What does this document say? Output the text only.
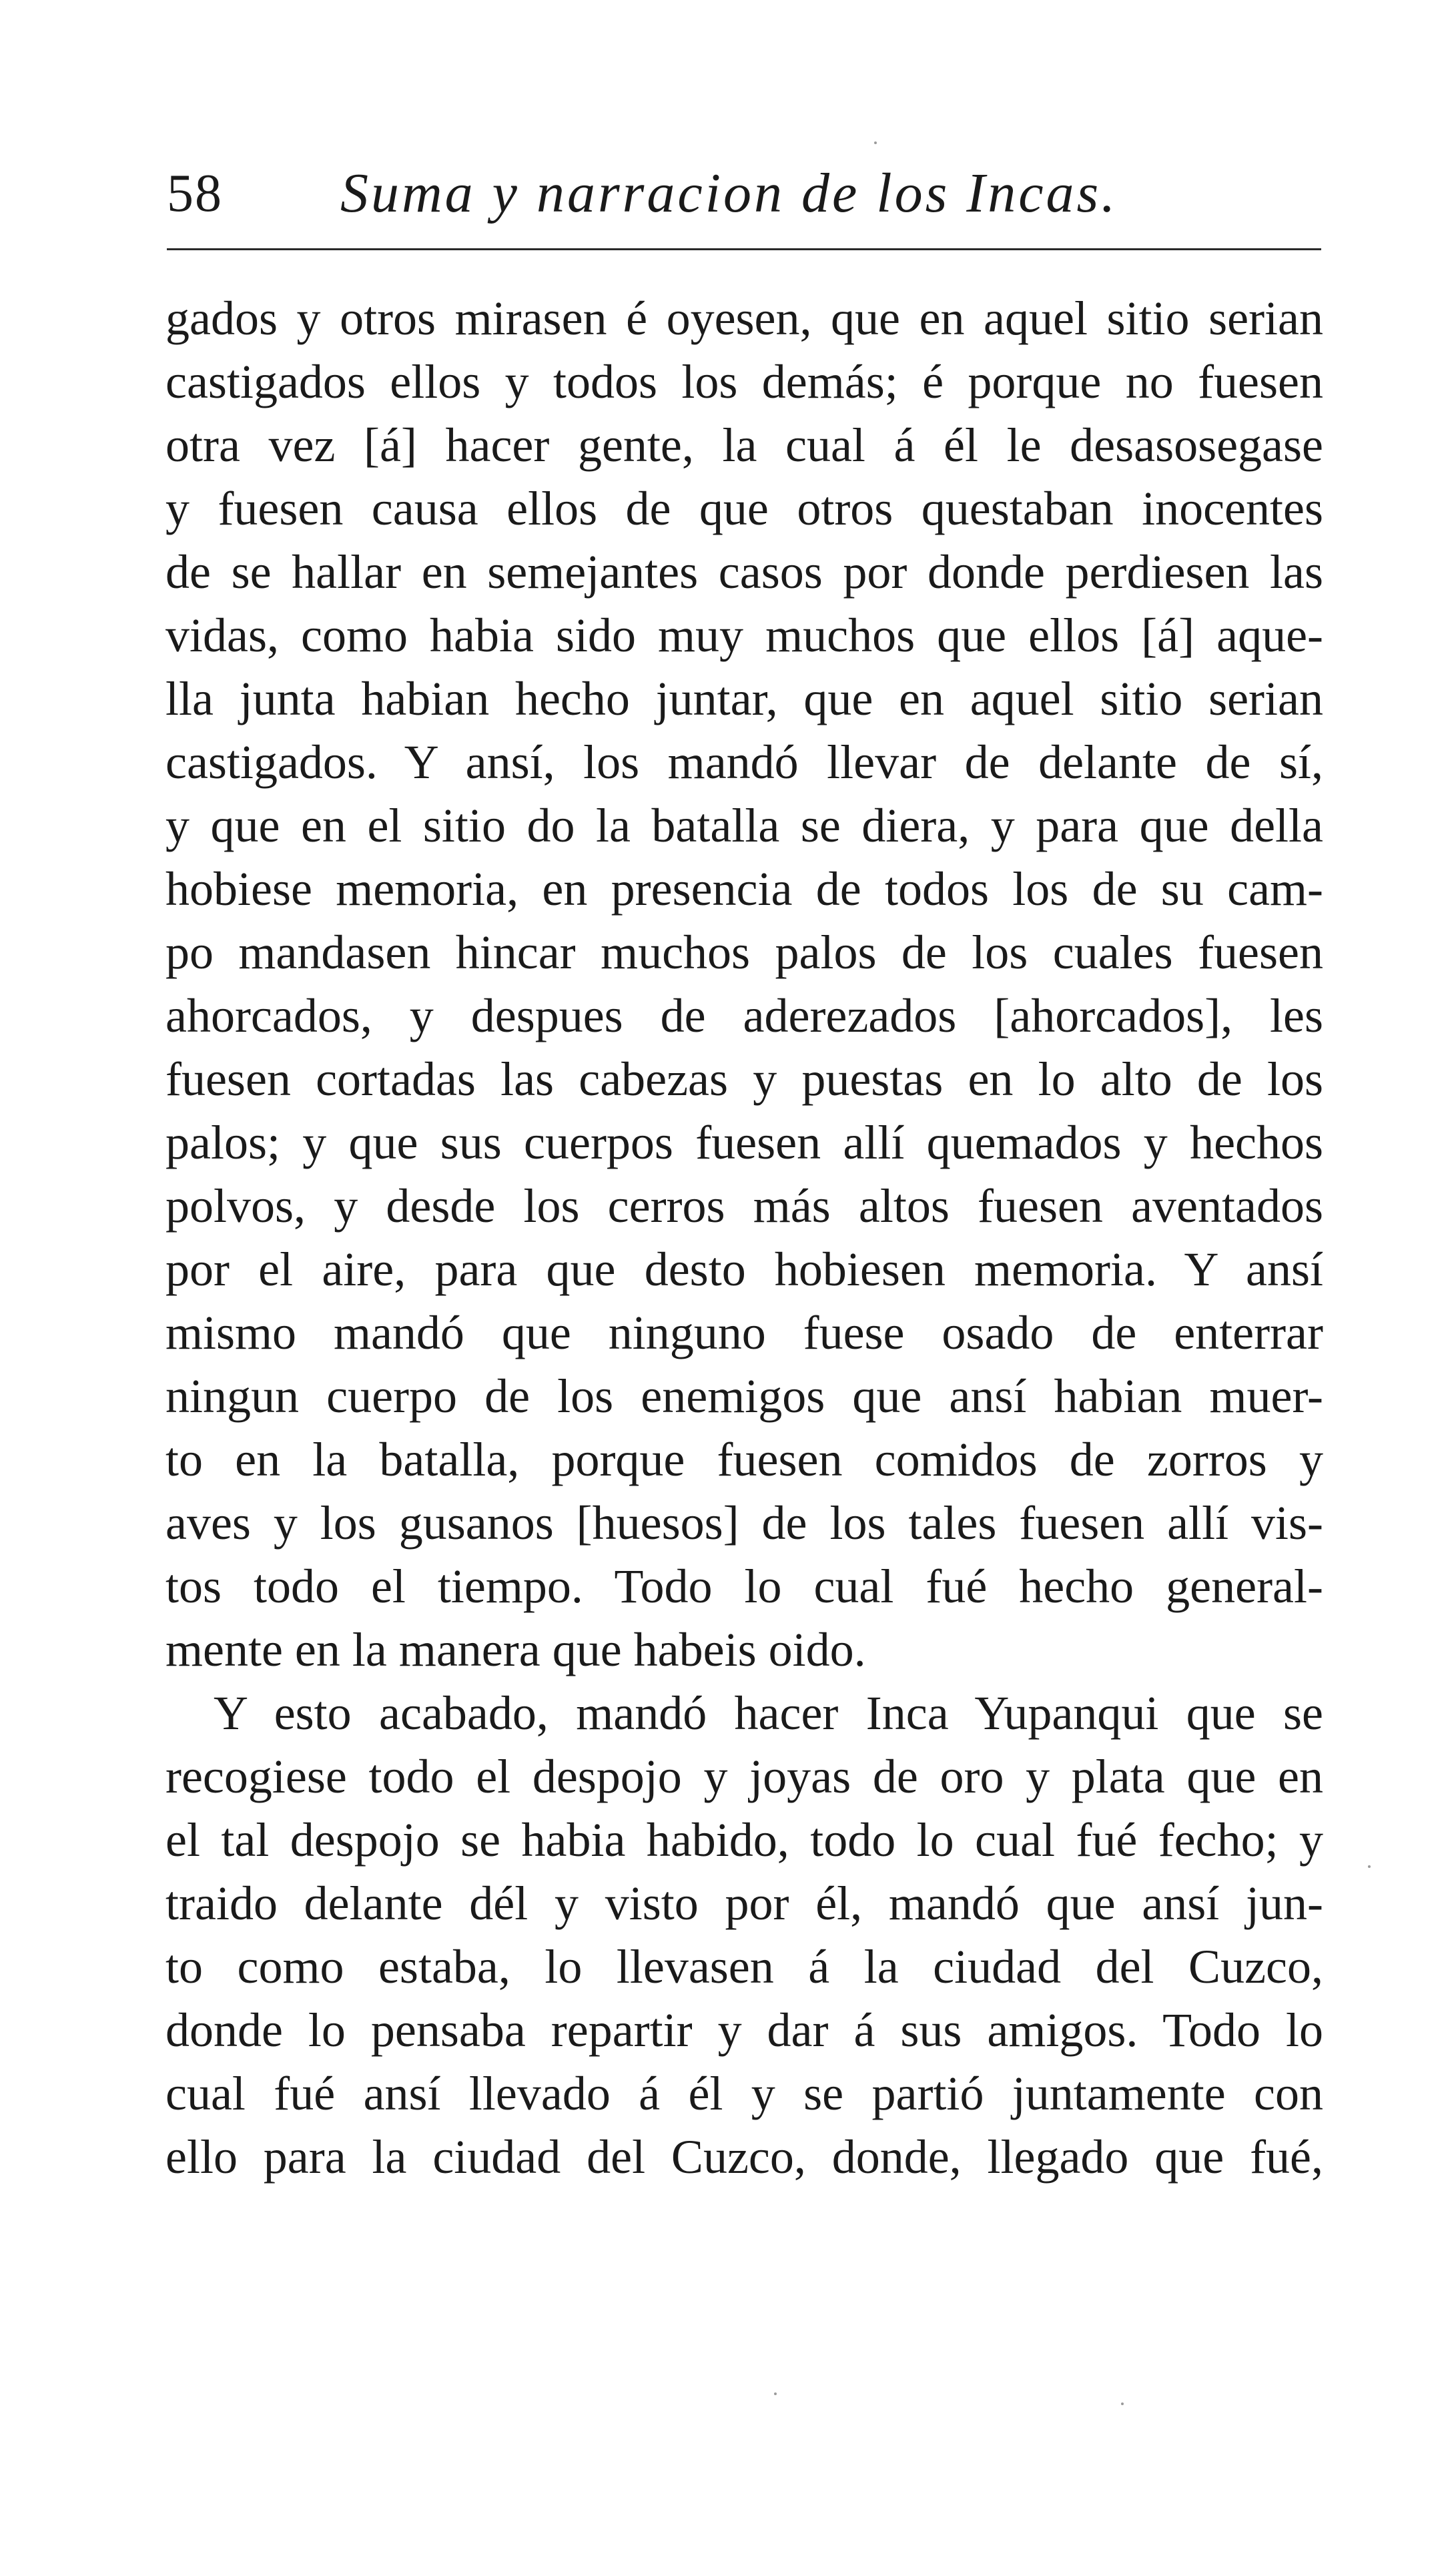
58 Suma y narracion de los Incas.
gados y otros mirasen é oyesen, que en aquel sitio serian
castigados ellos y todos los demás; é porque no fuesen
otra vez [á] hacer gente, la cual á él le desasosegase
y fuesen causa ellos de que otros questaban inocentes
de se hallar en semejantes casos por donde perdiesen las
vidas, como habia sido muy muchos que ellos [á] aque-
lla junta habian hecho juntar, que en aquel sitio serian
castigados. Y ansí, los mandó llevar de delante de sí,
y que en el sitio do la batalla se diera, y para que della
hobiese memoria, en presencia de todos los de su cam-
po mandasen hincar muchos palos de los cuales fuesen
ahorcados, y despues de aderezados [ahorcados], les
fuesen cortadas las cabezas y puestas en lo alto de los
palos; y que sus cuerpos fuesen allí quemados y hechos
polvos, y desde los cerros más altos fuesen aventados
por el aire, para que desto hobiesen memoria. Y ansí
mismo mandó que ninguno fuese osado de enterrar
ningun cuerpo de los enemigos que ansí habian muer-
to en la batalla, porque fuesen comidos de zorros y
aves y los gusanos [huesos] de los tales fuesen allí vis-
tos todo el tiempo. Todo lo cual fué hecho general-
mente en la manera que habeis oido.
Y esto acabado, mandó hacer Inca Yupanqui que se
recogiese todo el despojo y joyas de oro y plata que en
el tal despojo se habia habido, todo lo cual fué fecho; y
traido delante dél y visto por él, mandó que ansí jun-
to como estaba, lo llevasen á la ciudad del Cuzco,
donde lo pensaba repartir y dar á sus amigos. Todo lo
cual fué ansí llevado á él y se partió juntamente con
ello para la ciudad del Cuzco, donde, llegado que fué,
